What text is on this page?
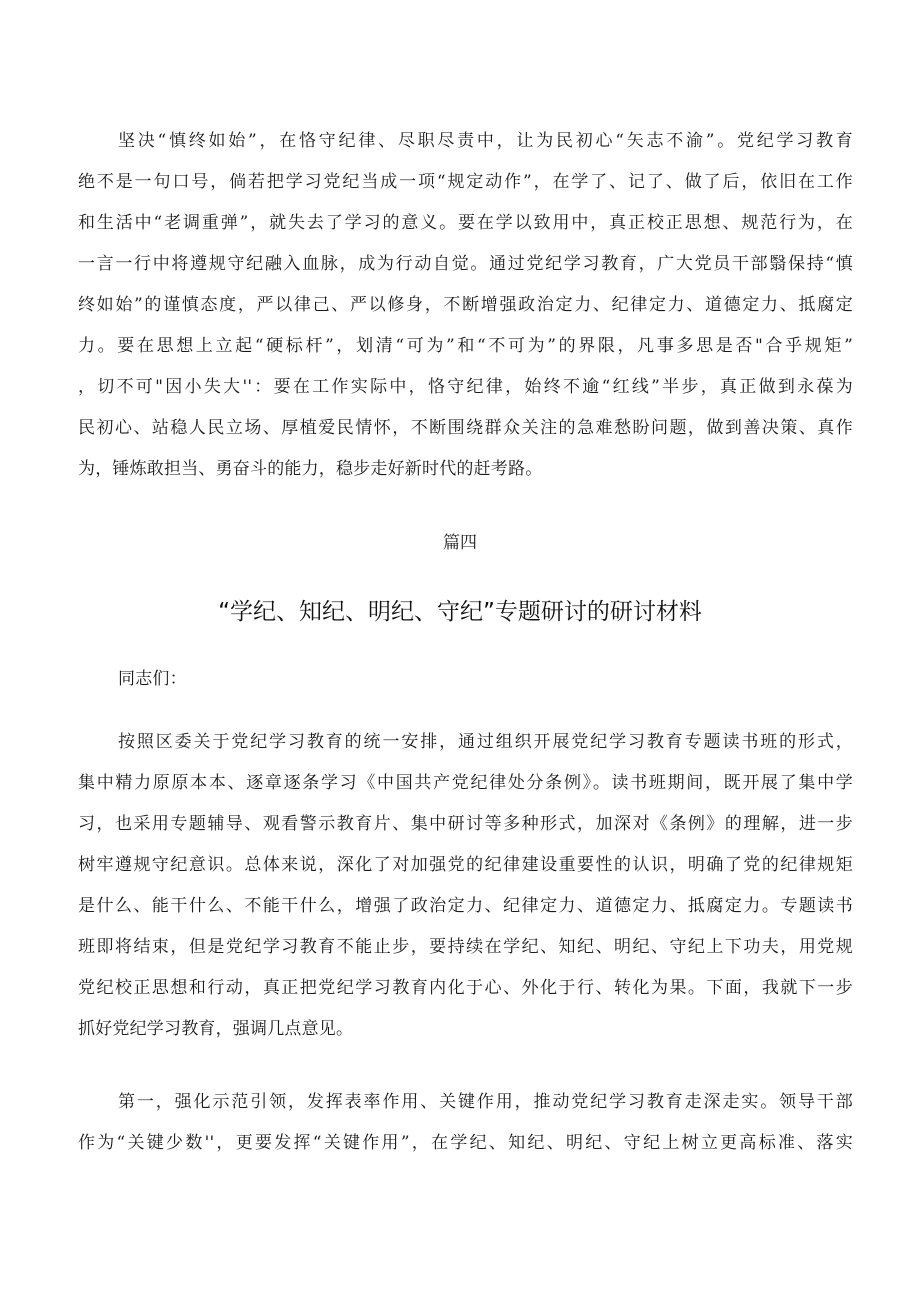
坚决“慎终如始”，在恪守纪律、尽职尽责中，让为民初心“矢志不渝”。党纪学习教育
绝不是一句口号，倘若把学习党纪当成一项“规定动作”，在学了、记了、做了后，依旧在工作
和生活中“老调重弹”，就失去了学习的意义。要在学以致用中，真正校正思想、规范行为，在
一言一行中将遵规守纪融入血脉，成为行动自觉。通过党纪学习教育，广大党员干部翳保持“慎
终如始”的谨慎态度，严以律己、严以修身，不断增强政治定力、纪律定力、道德定力、抵腐定
力。要在思想上立起“硬标杆”，划清“可为”和“不可为”的界限，凡事多思是否"合乎规矩”
，切不可"因小失大''：要在工作实际中，恪守纪律，始终不逾“红线”半步，真正做到永葆为
民初心、站稳人民立场、厚植爱民情怀，不断围绕群众关注的急难愁盼问题，做到善决策、真作
为，锤炼敢担当、勇奋斗的能力，稳步走好新时代的赶考路。
篇四
“学纪、知纪、明纪、守纪”专题研讨的研讨材料
同志们：
按照区委关于党纪学习教育的统一安排，通过组织开展党纪学习教育专题读书班的形式，
集中精力原原本本、逐章逐条学习《中国共产党纪律处分条例》。读书班期间，既开展了集中学
习，也采用专题辅导、观看警示教育片、集中研讨等多种形式，加深对《条例》的理解，进一步
树牢遵规守纪意识。总体来说，深化了对加强党的纪律建设重要性的认识，明确了党的纪律规矩
是什么、能干什么、不能干什么，增强了政治定力、纪律定力、道德定力、抵腐定力。专题读书
班即将结束，但是党纪学习教育不能止步，要持续在学纪、知纪、明纪、守纪上下功夫，用党规
党纪校正思想和行动，真正把党纪学习教育内化于心、外化于行、转化为果。下面，我就下一步
抓好党纪学习教育，强调几点意见。
第一，强化示范引领，发挥表率作用、关键作用，推动党纪学习教育走深走实。领导干部
作为“关键少数''，更要发挥“关键作用”，在学纪、知纪、明纪、守纪上树立更高标准、落实
